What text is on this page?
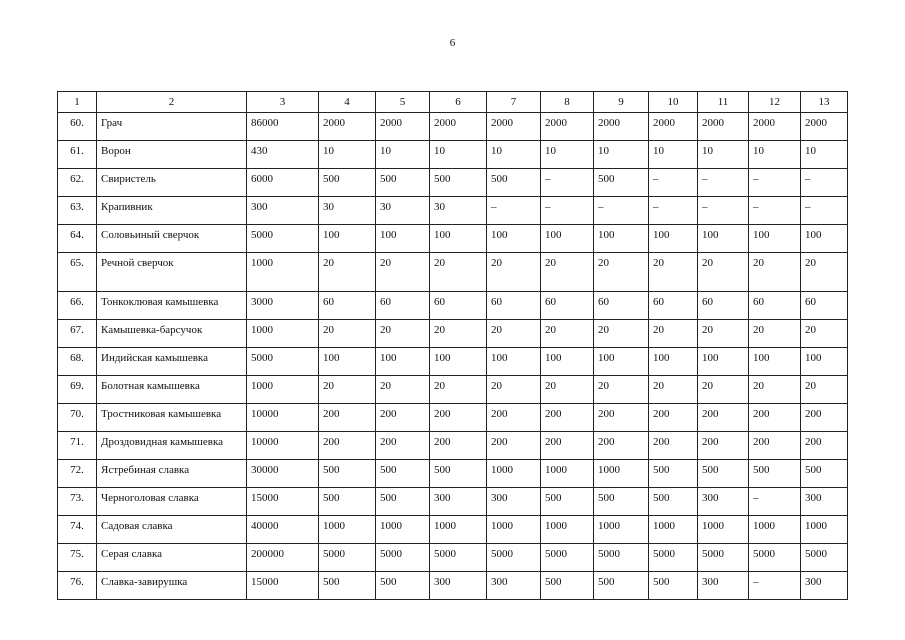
6
1	2	3	4	5	6	7	8	9	10	11	12	13
60.	Грач	86000	2000	2000	2000	2000	2000	2000	2000	2000	2000	2000
61.	Ворон	430	10	10	10	10	10	10	10	10	10	10
62.	Свиристель	6000	500	500	500	500	–	500	–	–	–	–
63.	Крапивник	300	30	30	30	–	–	–	–	–	–	–
64.	Соловьиный сверчок	5000	100	100	100	100	100	100	100	100	100	100
65.	Речной сверчок	1000	20	20	20	20	20	20	20	20	20	20
66.	Тонкоклювая камышевка	3000	60	60	60	60	60	60	60	60	60	60
67.	Камышевка-барсучок	1000	20	20	20	20	20	20	20	20	20	20
68.	Индийская камышевка	5000	100	100	100	100	100	100	100	100	100	100
69.	Болотная камышевка	1000	20	20	20	20	20	20	20	20	20	20
70.	Тростниковая камышевка	10000	200	200	200	200	200	200	200	200	200	200
71.	Дроздовидная камышевка	10000	200	200	200	200	200	200	200	200	200	200
72.	Ястребиная славка	30000	500	500	500	1000	1000	1000	500	500	500	500
73.	Черноголовая славка	15000	500	500	300	300	500	500	500	300	–	300
74.	Садовая славка	40000	1000	1000	1000	1000	1000	1000	1000	1000	1000	1000
75.	Серая славка	200000	5000	5000	5000	5000	5000	5000	5000	5000	5000	5000
76.	Славка-завирушка	15000	500	500	300	300	500	500	500	300	–	300
